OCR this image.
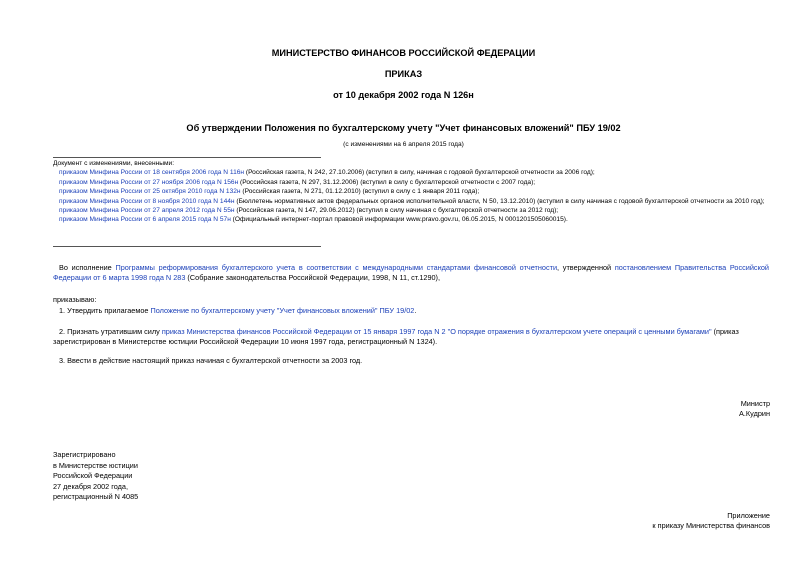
МИНИСТЕРСТВО ФИНАНСОВ РОССИЙСКОЙ ФЕДЕРАЦИИ
ПРИКАЗ
от 10 декабря 2002 года N 126н
Об утверждении Положения по бухгалтерскому учету "Учет финансовых вложений" ПБУ 19/02
(с изменениями на 6 апреля 2015 года)
Документ с изменениями, внесенными:
приказом Минфина России от 18 сентября 2006 года N 116н (Российская газета, N 242, 27.10.2006) (вступил в силу, начиная с годовой бухгалтерской отчетности за 2006 год);
приказом Минфина России от 27 ноября 2006 года N 156н (Российская газета, N 297, 31.12.2006) (вступил в силу с бухгалтерской отчетности с 2007 года);
приказом Минфина России от 25 октября 2010 года N 132н (Российская газета, N 271, 01.12.2010) (вступил в силу с 1 января 2011 года);
приказом Минфина России от 8 ноября 2010 года N 144н (Бюллетень нормативных актов федеральных органов исполнительной власти, N 50, 13.12.2010) (вступил в силу начиная с годовой бухгалтерской отчетности за 2010 год);
приказом Минфина России от 27 апреля 2012 года N 55н (Российская газета, N 147, 29.06.2012) (вступил в силу начиная с бухгалтерской отчетности за 2012 год);
приказом Минфина России от 6 апреля 2015 года N 57н (Официальный интернет-портал правовой информации www.pravo.gov.ru, 06.05.2015, N 0001201505060015).
Во исполнение Программы реформирования бухгалтерского учета в соответствии с международными стандартами финансовой отчетности, утвержденной постановлением Правительства Российской Федерации от 6 марта 1998 года N 283 (Собрание законодательства Российской Федерации, 1998, N 11, ст.1290),
приказываю:
1. Утвердить прилагаемое Положение по бухгалтерскому учету "Учет финансовых вложений" ПБУ 19/02.
2. Признать утратившим силу приказ Министерства финансов Российской Федерации от 15 января 1997 года N 2 "О порядке отражения в бухгалтерском учете операций с ценными бумагами" (приказ
зарегистрирован в Министерстве юстиции Российской Федерации 10 июня 1997 года, регистрационный N 1324).
3. Ввести в действие настоящий приказ начиная с бухгалтерской отчетности за 2003 год.
Министр
А.Кудрин
Зарегистрировано
в Министерстве юстиции
Российской Федерации
27 декабря 2002 года,
регистрационный N 4085
Приложение
к приказу Министерства финансов
